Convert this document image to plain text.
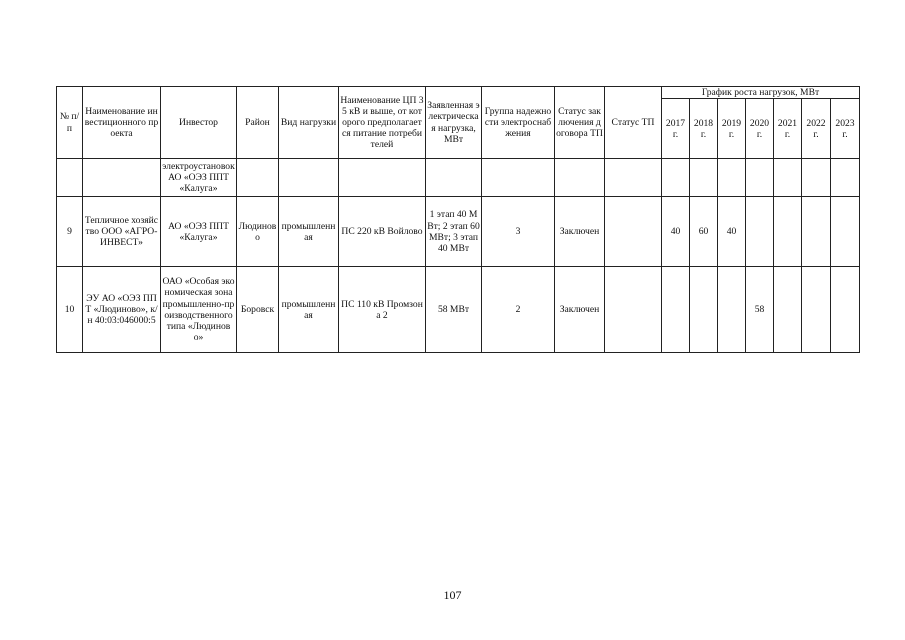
№ п/п	Наименование инвестиционного проекта	Инвестор	Район	Вид нагрузки	Наименование ЦП 35 кВ и выше, от которого предполагается питание потребителей	Заявленная электрическая нагрузка, МВт	Группа надежности электроснабжения	Статус заключения договора ТП	Статус ТП	График роста нагрузок, МВт						
										2017 г.	2018 г.	2019 г.	2020 г.	2021 г.	2022 г.	2023 г.
		электроустановок АО «ОЭЗ ППТ «Калуга»														
9	Тепличное хозяйство ООО «АГРО-ИНВЕСТ»	АО «ОЭЗ ППТ «Калуга»	Людиново	промышленная	ПС 220 кВ Войлово	1 этап 40 МВт; 2 этап 60 МВт; 3 этап 40 МВт	3	Заключен		40	60	40				
10	ЭУ АО «ОЭЗ ППТ «Людиново», к/н 40:03:046000:5	ОАО «Особая экономическая зона промышленно-производственного типа «Людиново»	Боровск	промышленная	ПС 110 кВ Промзона 2	58 МВт	2	Заключен					58			
107
